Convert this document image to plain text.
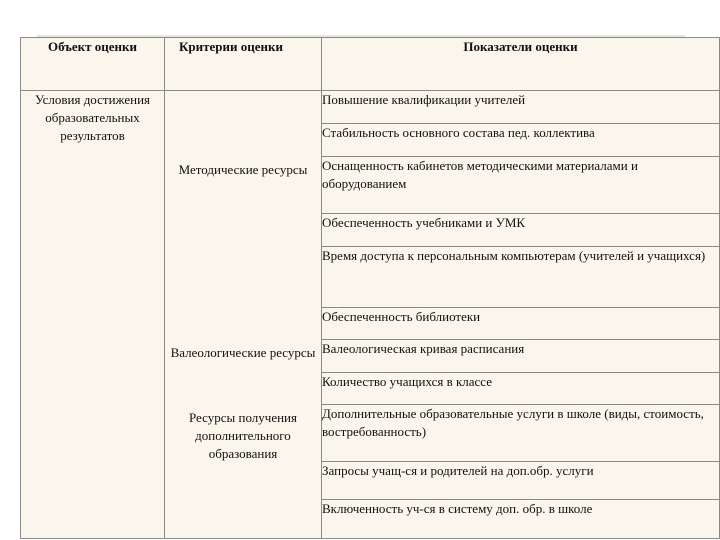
Объект оценки	Критерии оценки	Показатели оценки
Условия достижения образовательных результатов	Методические ресурсы	Повышение квалификации учителей
		Стабильность основного состава пед. коллектива
		Оснащенность кабинетов методическими материалами и оборудованием
		Обеспеченность учебниками и УМК
		Время доступа к персональным компьютерам (учителей и учащихся)
		Обеспеченность библиотеки
	Валеологические ресурсы	Валеологическая кривая расписания
		Количество учащихся в классе
	Ресурсы получения дополнительного образования	Дополнительные образовательные услуги в школе (виды, стоимость, востребованность)
		Запросы учащ-ся и родителей на доп.обр. услуги
		Включенность уч-ся в систему доп. обр. в школе
